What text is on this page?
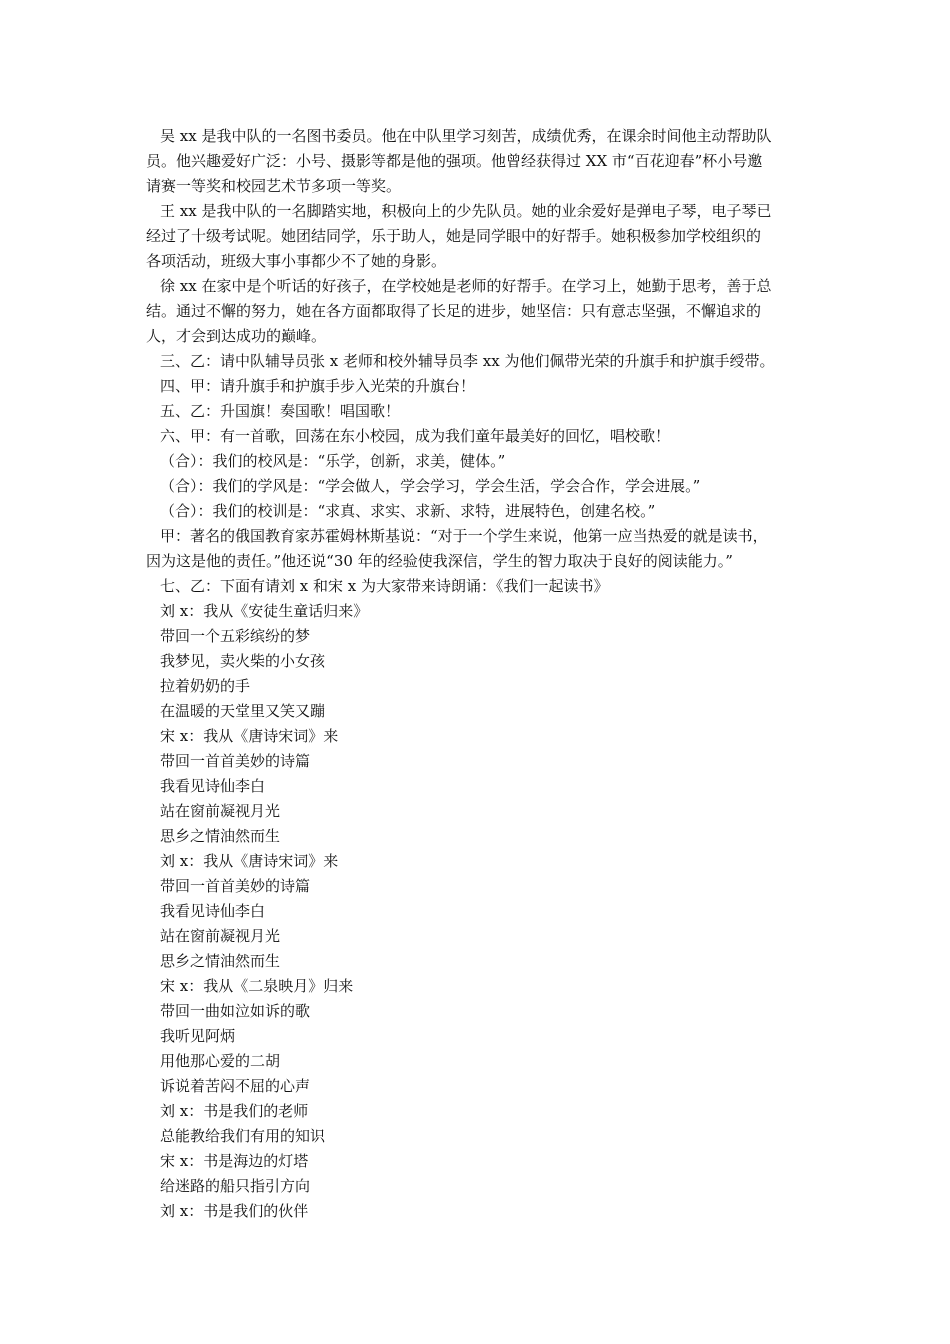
吴 xx 是我中队的一名图书委员。他在中队里学习刻苦，成绩优秀，在课余时间他主动帮助队
员。他兴趣爱好广泛：小号、摄影等都是他的强项。他曾经获得过 XX 市“百花迎春”杯小号邀
请赛一等奖和校园艺术节多项一等奖。
王 xx 是我中队的一名脚踏实地，积极向上的少先队员。她的业余爱好是弹电子琴，电子琴已
经过了十级考试呢。她团结同学，乐于助人，她是同学眼中的好帮手。她积极参加学校组织的
各项活动，班级大事小事都少不了她的身影。
徐 xx 在家中是个听话的好孩子，在学校她是老师的好帮手。在学习上，她勤于思考，善于总
结。通过不懈的努力，她在各方面都取得了长足的进步，她坚信：只有意志坚强，不懈追求的
人，才会到达成功的巅峰。
三、乙：请中队辅导员张 x 老师和校外辅导员李 xx 为他们佩带光荣的升旗手和护旗手绶带。
四、甲：请升旗手和护旗手步入光荣的升旗台！
五、乙：升国旗！奏国歌！唱国歌！
六、甲：有一首歌，回荡在东小校园，成为我们童年最美好的回忆，唱校歌！
（合）：我们的校风是：“乐学，创新，求美，健体。”
（合）：我们的学风是：“学会做人，学会学习，学会生活，学会合作，学会进展。”
（合）：我们的校训是：“求真、求实、求新、求特，进展特色，创建名校。”
甲：著名的俄国教育家苏霍姆林斯基说：“对于一个学生来说，他第一应当热爱的就是读书，
因为这是他的责任。”他还说“30 年的经验使我深信，学生的智力取决于良好的阅读能力。”
七、乙：下面有请刘 x 和宋 x 为大家带来诗朗诵：《我们一起读书》
刘 x：我从《安徒生童话归来》
带回一个五彩缤纷的梦
我梦见，卖火柴的小女孩
拉着奶奶的手
在温暖的天堂里又笑又蹦
宋 x：我从《唐诗宋词》来
带回一首首美妙的诗篇
我看见诗仙李白
站在窗前凝视月光
思乡之情油然而生
刘 x：我从《唐诗宋词》来
带回一首首美妙的诗篇
我看见诗仙李白
站在窗前凝视月光
思乡之情油然而生
宋 x：我从《二泉映月》归来
带回一曲如泣如诉的歌
我听见阿炳
用他那心爱的二胡
诉说着苦闷不屈的心声
刘 x：书是我们的老师
总能教给我们有用的知识
宋 x：书是海边的灯塔
给迷路的船只指引方向
刘 x：书是我们的伙伴
